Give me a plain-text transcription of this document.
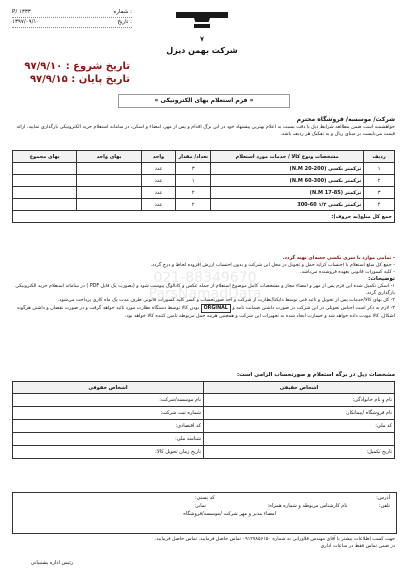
P/ ۱۳۳۳	شماره :
۱۳۹۷/۰۹/۱۰	تاریخ :
شرکت بهمن دیزل
تاریخ شروع : ۹۷/۹/۱۰
تاریخ پایان : ۹۷/۹/۱۵
« فرم استعلام بهای الکترونیکی »
شرکت/ موسسه/ فروشگاه محترم
خواهشمند است ضمن مطالعه شرایط ذیل با دقت نسبت به اعلام بهترین پیشنهاد خود در این برگ اقدام و پس از مهر، امضاء و اسکن، در سامانه استعلام خرید الکترونیکی بارگذاری نمایید. ارائه قیمت می‌بایست بر مبنای ریال و به تفکیک هر ردیف باشد.
ردیف	مشخصات ونوع کالا / خدمات مورد استعلام	تعداد/ مقدار	واحد	بهای واحد	بهای مجموع
۱	ترکمتر بکسی (N.M 20-200)	۳	عدد		
۲	ترکمتر بکسی (N.M 60-300)	۱	عدد		
۳	ترکمتر (N.M 17-85)	۲	عدد		
۴	ترکمتر بکسی ۱/۲ 60-300	۲	عدد		
جمع کل مبلغ(به حروف):					
021-88349670
ParsNamadData

- تمامی موارد با سری بکسی جعبه‌ای تهیه گردد.

- جمع کل مبلغ استعلام با احتساب کرایه حمل و تحویل در محل این شرکت و بدون احتساب ارزش افزوده لحاظ و درج گردد.

- کلیه کسورات قانونی بعهده فروشنده می‌باشد.

توضیحات:

۱- اسکن تکمیل شده این فرم پس از مهر و امضاء مجاز و مشخصات کامل موضوع استعلام از جمله عکس و کاتالوگ پیوست شود و (بصورت یک فایل PDF ) در سامانه استعلام خرید الکترونیکی بارگذاری گردد.

۲- کل بهای کالا/خدمات پس از تحویل و تائید فنی توسط دایکتا/نظارت از شرکت و اخذ صورتحساب و کسر کلیه کسورات قانونی طرف مدت یک ماه کاری پرداخت می‌شود.

۳- لازم به ذکر است اجناس تحویلی در این شرکت در صورت داشتن ضمانت نامه و ORGINAL بودن کالا توسط دستگاه نظارت مورد تائید خواهد گرفت و در صورت نقصان و داشتن هرگونه اشکال، کالا مودت داده خواهد شد و خسارت ایجاد شده به تجهیزات این شرکت و همچنین هزینه حمل مربوطه تامین کننده کالا خواهد بود.

مشخصات ذیل در برگه استعلام و صورتحساب الزامی است:
اشخاص حقیقی	اشخاص حقوقی
نام و نام خانوادگی:	نام موسسه/شرکت:
نام فروشگاه /پیمانکار:	شماره ثبت شرکت:
کد ملی:	کد اقتصادی:
	شناسه ملی:
تاریخ تکمیل:	تاریخ زمان تحویل کالا:
آدرس: کد پستی:
تلفن: نام کارشناس مربوطه و شماره همراه: نمابر:
امضاء مدیر و مهر شرکت /موسسه/فروشگاه
جهت کسب اطلاعات بیشتر با آقای مهندس فلاورانی به شماره ۰۹۱۲۷۸۵۶۱۵۰ تماس حاصل فرمایید. تماس حاصل فرمایید.
در ضمن تماس فقط در ساعات اداری
رئیس اداره پشتیبانی
